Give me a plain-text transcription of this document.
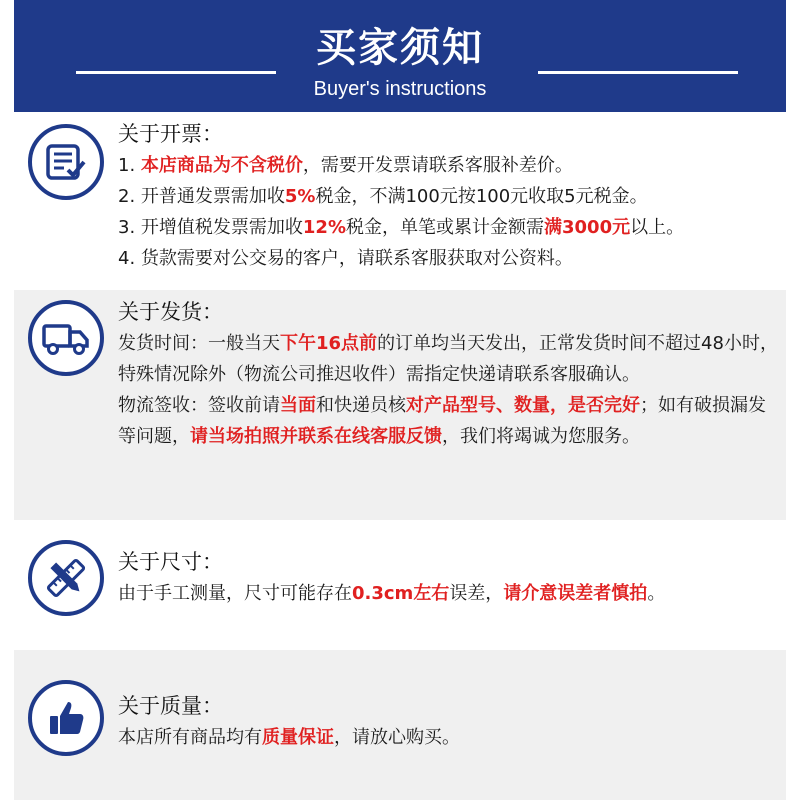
买家须知
Buyer's instructions
关于开票：
1. 本店商品为不含税价，需要开发票请联系客服补差价。
2. 开普通发票需加收5%税金，不满100元按100元收取5元税金。
3. 开增值税发票需加收12%税金，单笔或累计金额需满3000元以上。
4. 货款需要对公交易的客户，请联系客服获取对公资料。
关于发货：
发货时间：一般当天下午16点前的订单均当天发出，正常发货时间不超过48小时，特殊情况除外（物流公司推迟收件）需指定快递请联系客服确认。
物流签收：签收前请当面和快递员核对产品型号、数量，是否完好；如有破损漏发等问题，请当场拍照并联系在线客服反馈，我们将竭诚为您服务。
关于尺寸：
由于手工测量，尺寸可能存在0.3cm左右误差，请介意误差者慎拍。
关于质量：
本店所有商品均有质量保证，请放心购买。
